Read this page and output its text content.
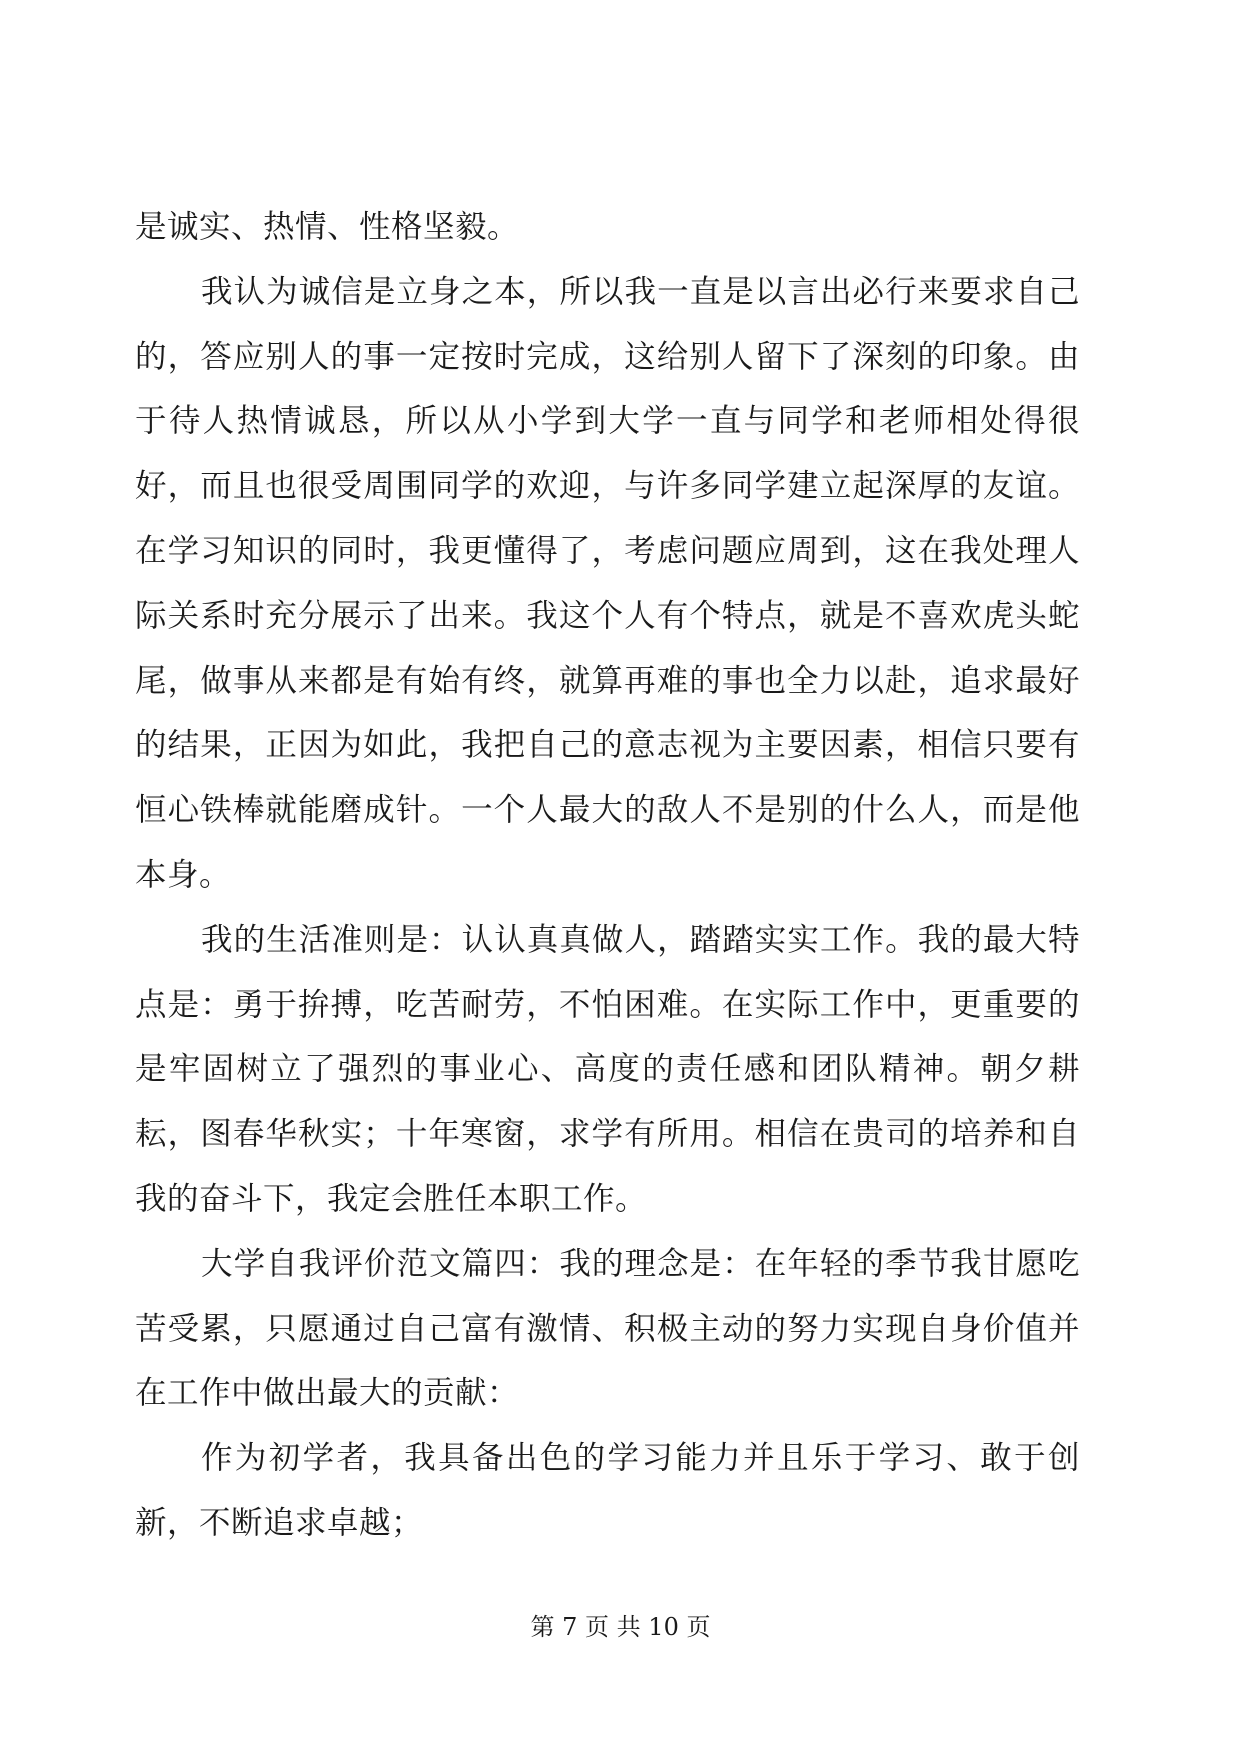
是诚实、热情、性格坚毅。

我认为诚信是立身之本，所以我一直是以言出必行来要求自己的，答应别人的事一定按时完成，这给别人留下了深刻的印象。由于待人热情诚恳，所以从小学到大学一直与同学和老师相处得很好，而且也很受周围同学的欢迎，与许多同学建立起深厚的友谊。在学习知识的同时，我更懂得了，考虑问题应周到，这在我处理人际关系时充分展示了出来。我这个人有个特点，就是不喜欢虎头蛇尾，做事从来都是有始有终，就算再难的事也全力以赴，追求最好的结果，正因为如此，我把自己的意志视为主要因素，相信只要有恒心铁棒就能磨成针。一个人最大的敌人不是别的什么人，而是他本身。

我的生活准则是：认认真真做人，踏踏实实工作。我的最大特点是：勇于拚搏，吃苦耐劳，不怕困难。在实际工作中，更重要的是牢固树立了强烈的事业心、高度的责任感和团队精神。朝夕耕耘，图春华秋实；十年寒窗，求学有所用。相信在贵司的培养和自我的奋斗下，我定会胜任本职工作。

大学自我评价范文篇四：我的理念是：在年轻的季节我甘愿吃苦受累，只愿通过自己富有激情、积极主动的努力实现自身价值并在工作中做出最大的贡献：

作为初学者，我具备出色的学习能力并且乐于学习、敢于创新，不断追求卓越；

第 7 页 共 10 页
